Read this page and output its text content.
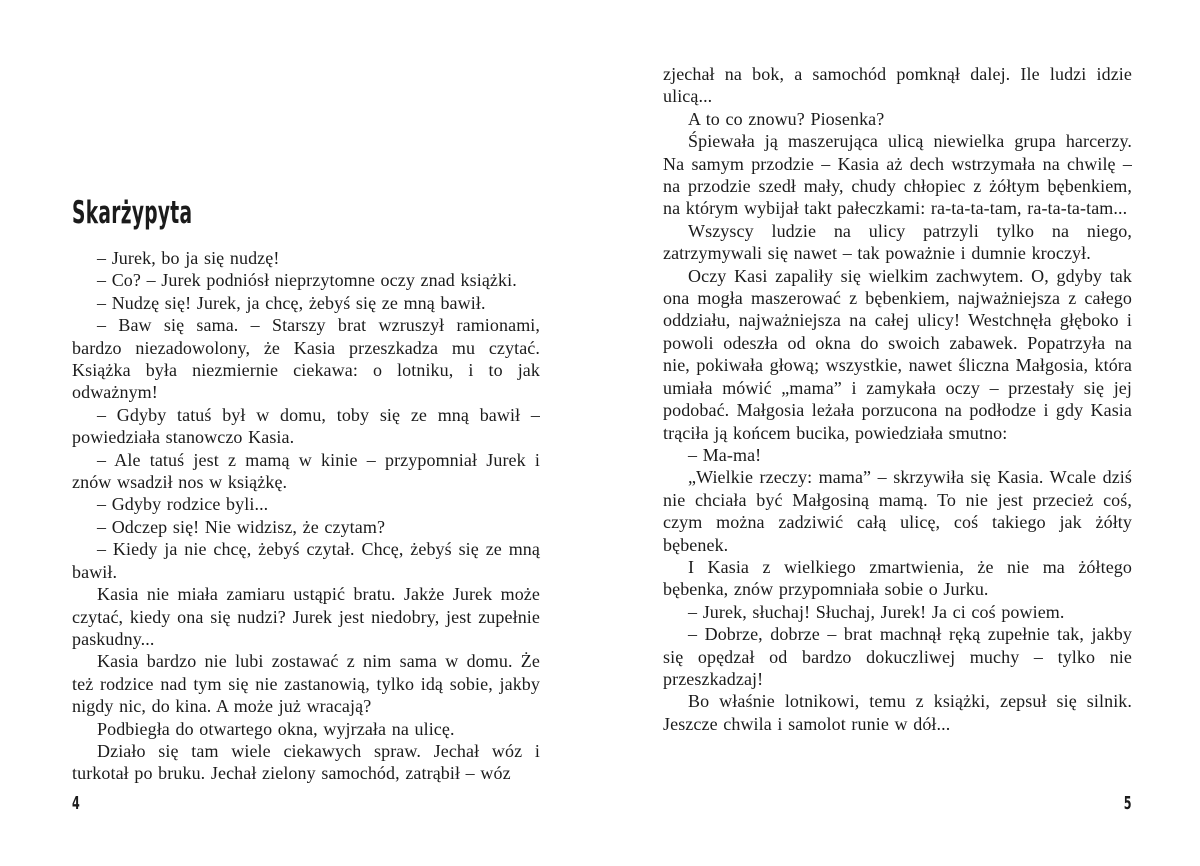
Skarżypyta

– Jurek, bo ja się nudzę!

– Co? – Jurek podniósł nieprzytomne oczy znad książki.

– Nudzę się! Jurek, ja chcę, żebyś się ze mną bawił.

– Baw się sama. – Starszy brat wzruszył ramionami, bardzo niezadowolony, że Kasia przeszkadza mu czytać. Książka była niezmiernie ciekawa: o lotniku, i to jak odważnym!

– Gdyby tatuś był w domu, toby się ze mną bawił – powiedziała stanowczo Kasia.

– Ale tatuś jest z mamą w kinie – przypomniał Jurek i znów wsadził nos w książkę.

– Gdyby rodzice byli...

– Odczep się! Nie widzisz, że czytam?

– Kiedy ja nie chcę, żebyś czytał. Chcę, żebyś się ze mną bawił.

Kasia nie miała zamiaru ustąpić bratu. Jakże Jurek może czytać, kiedy ona się nudzi? Jurek jest niedobry, jest zupełnie paskudny...

Kasia bardzo nie lubi zostawać z nim sama w domu. Że też rodzice nad tym się nie zastanowią, tylko idą sobie, jakby nigdy nic, do kina. A może już wracają?

Podbiegła do otwartego okna, wyjrzała na ulicę.

Działo się tam wiele ciekawych spraw. Jechał wóz i turkotał po bruku. Jechał zielony samochód, zatrąbił – wóz

4

zjechał na bok, a samochód pomknął dalej. Ile ludzi idzie ulicą...

A to co znowu? Piosenka?

Śpiewała ją maszerująca ulicą niewielka grupa harcerzy. Na samym przodzie – Kasia aż dech wstrzymała na chwilę – na przodzie szedł mały, chudy chłopiec z żółtym bębenkiem, na którym wybijał takt pałeczkami: ra-ta-ta-tam, ra-ta-ta-tam...

Wszyscy ludzie na ulicy patrzyli tylko na niego, zatrzymywali się nawet – tak poważnie i dumnie kroczył.

Oczy Kasi zapaliły się wielkim zachwytem. O, gdyby tak ona mogła maszerować z bębenkiem, najważniejsza z całego oddziału, najważniejsza na całej ulicy! Westchnęła głęboko i powoli odeszła od okna do swoich zabawek. Popatrzyła na nie, pokiwała głową; wszystkie, nawet śliczna Małgosia, która umiała mówić „mama” i zamykała oczy – przestały się jej podobać. Małgosia leżała porzucona na podłodze i gdy Kasia trąciła ją końcem bucika, powiedziała smutno:

– Ma-ma!

„Wielkie rzeczy: mama” – skrzywiła się Kasia. Wcale dziś nie chciała być Małgosiną mamą. To nie jest przecież coś, czym można zadziwić całą ulicę, coś takiego jak żółty bębenek.

I Kasia z wielkiego zmartwienia, że nie ma żółtego bębenka, znów przypomniała sobie o Jurku.

– Jurek, słuchaj! Słuchaj, Jurek! Ja ci coś powiem.

– Dobrze, dobrze – brat machnął ręką zupełnie tak, jakby się opędzał od bardzo dokuczliwej muchy – tylko nie przeszkadzaj!

Bo właśnie lotnikowi, temu z książki, zepsuł się silnik. Jeszcze chwila i samolot runie w dół...

5
